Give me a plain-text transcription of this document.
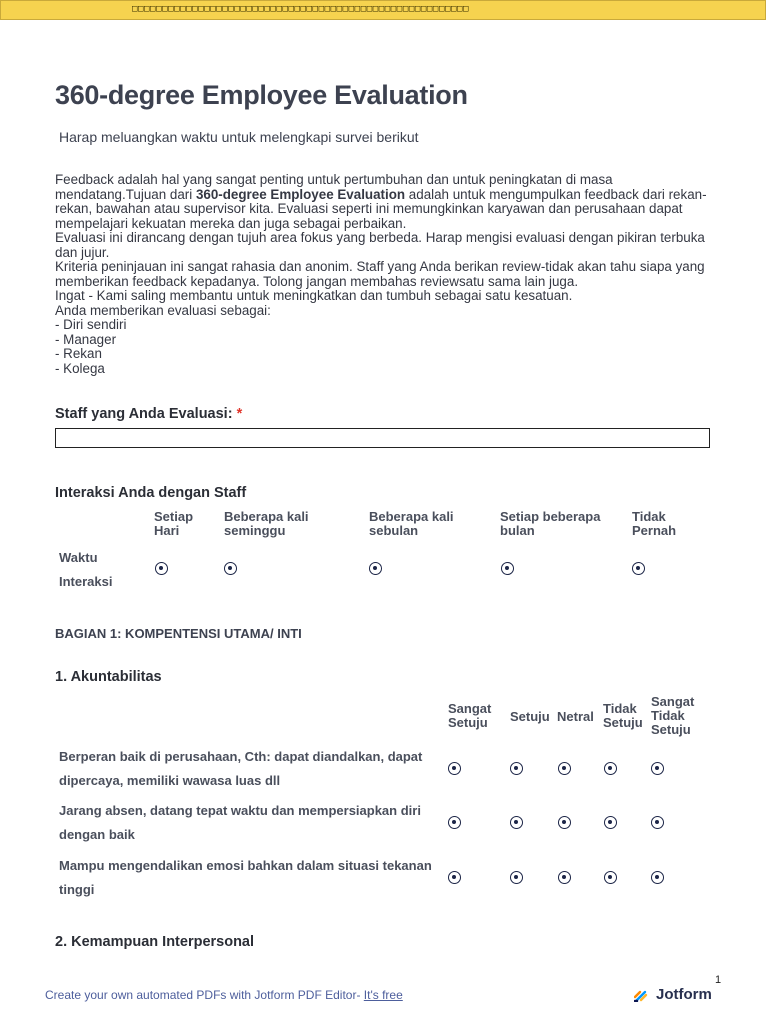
□□□□□□□□□□□□□□□□□□□□□□□□□□□□□□□□□□□□□□□□□□□□□□□□□□□□□□□□
360-degree Employee Evaluation
Harap meluangkan waktu untuk melengkapi survei berikut

Feedback adalah hal yang sangat penting untuk pertumbuhan dan untuk peningkatan di masa mendatang.Tujuan dari 360-degree Employee Evaluation adalah untuk mengumpulkan feedback dari rekan-rekan, bawahan atau supervisor kita. Evaluasi seperti ini memungkinkan karyawan dan perusahaan dapat mempelajari kekuatan mereka dan juga sebagai perbaikan.

Evaluasi ini dirancang dengan tujuh area fokus yang berbeda. Harap mengisi evaluasi dengan pikiran terbuka dan jujur.

Kriteria peninjauan ini sangat rahasia dan anonim. Staff yang Anda berikan review-tidak akan tahu siapa yang memberikan feedback kepadanya. Tolong jangan membahas reviewsatu sama lain juga.

Ingat - Kami saling membantu untuk meningkatkan dan tumbuh sebagai satu kesatuan.

Anda memberikan evaluasi sebagai:

- Diri sendiri

- Manager

- Rekan

- Kolega

Staff yang Anda Evaluasi: *
Interaksi Anda dengan Staff
Setiap
Hari
Beberapa kali
seminggu
Beberapa kali
sebulan
Setiap beberapa
bulan
Tidak
Pernah
Waktu
Interaksi
BAGIAN 1: KOMPENTENSI UTAMA/ INTI
1. Akuntabilitas
Sangat
Setuju Setuju Netral
Tidak
Setuju
Sangat
Tidak
Setuju
Berperan baik di perusahaan, Cth: dapat diandalkan, dapat
dipercaya, memiliki wawasa luas dll
Jarang absen, datang tepat waktu dan mempersiapkan diri
dengan baik
Mampu mengendalikan emosi bahkan dalam situasi tekanan
tinggi
2. Kemampuan Interpersonal
Create your own automated PDFs with Jotform PDF Editor- It's free
1
Jotform
